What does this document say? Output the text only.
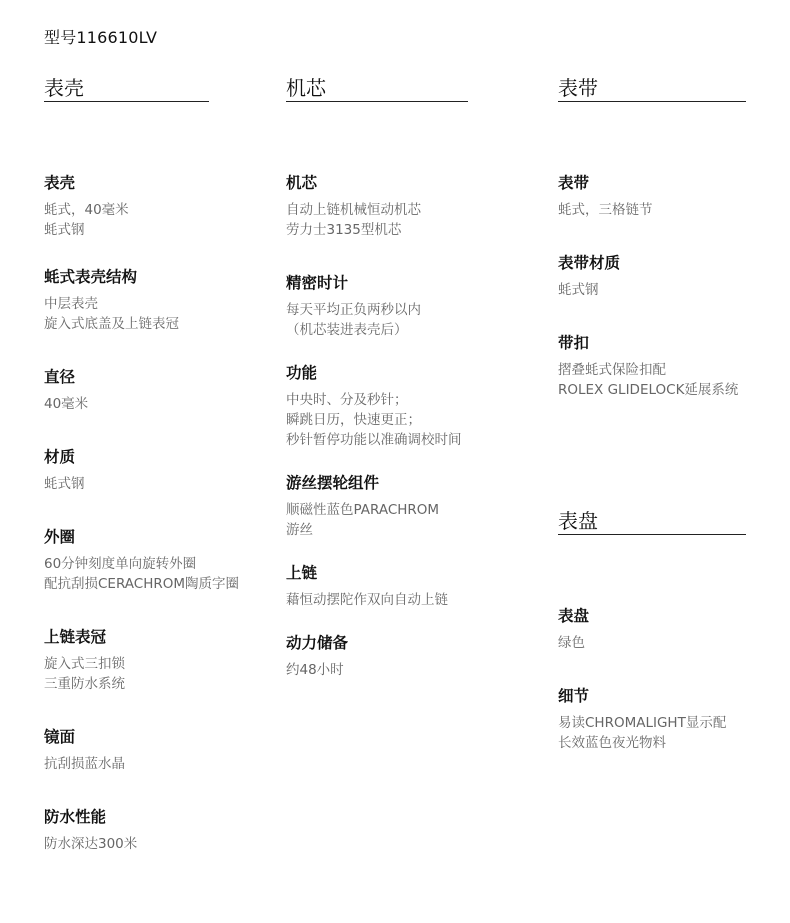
型号116610LV
表壳

表壳

蚝式，40毫米
蚝式钢

蚝式表壳结构

中层表壳
旋入式底盖及上链表冠

直径

40毫米

材质

蚝式钢

外圈

60分钟刻度单向旋转外圈
配抗刮损CERACHROM陶质字圈

上链表冠

旋入式三扣锁
三重防水系统

镜面

抗刮损蓝水晶

防水性能

防水深达300米
机芯

机芯

自动上链机械恒动机芯
劳力士3135型机芯

精密时计

每天平均正负两秒以内
（机芯装进表壳后）

功能

中央时、分及秒针；
瞬跳日历，快速更正；
秒针暂停功能以准确调校时间

游丝摆轮组件

顺磁性蓝色PARACHROM
游丝

上链

藉恒动摆陀作双向自动上链

动力储备

约48小时
表带

表带

蚝式，三格链节

表带材质

蚝式钢

带扣

摺叠蚝式保险扣配
ROLEX GLIDELOCK延展系统
表盘

表盘

绿色

细节

易读CHROMALIGHT显示配
长效蓝色夜光物料
